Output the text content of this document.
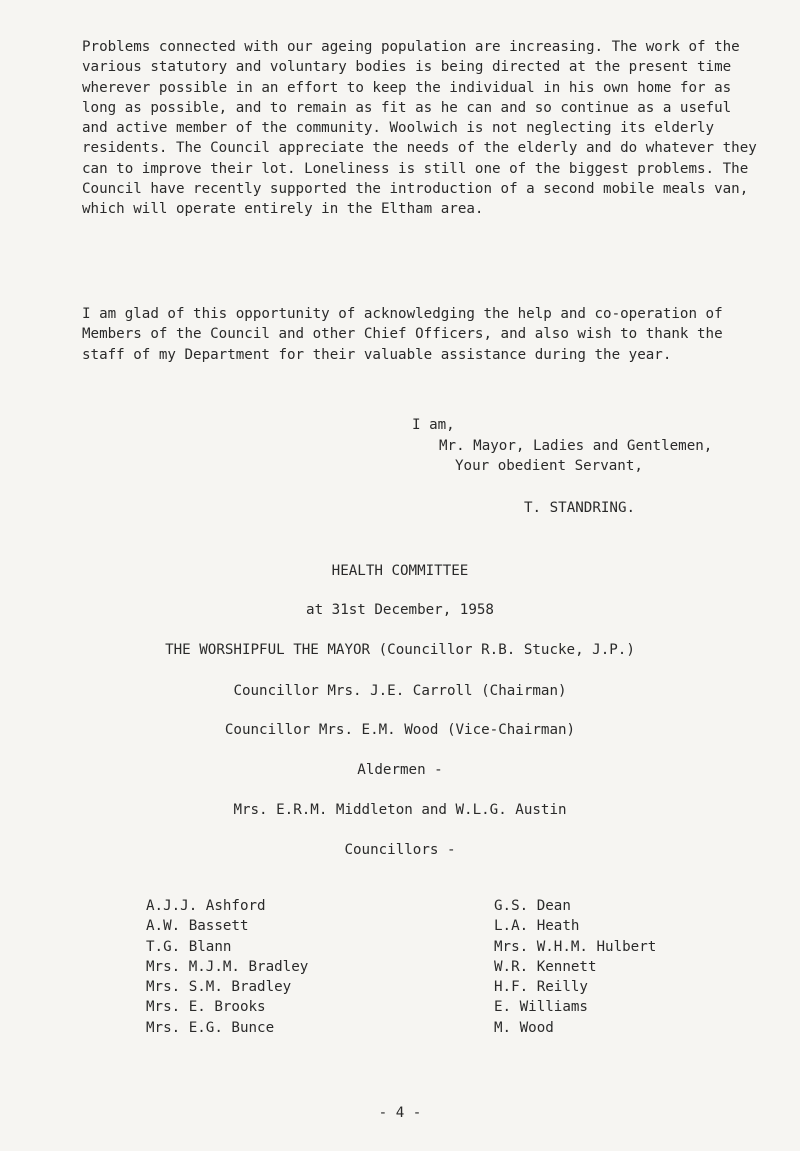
Problems connected with our ageing population are increasing. The work of the various statutory and voluntary bodies is being directed at the present time wherever possible in an effort to keep the individual in his own home for as long as possible, and to remain as fit as he can and so continue as a useful and active member of the community. Woolwich is not neglecting its elderly residents. The Council appreciate the needs of the elderly and do whatever they can to improve their lot. Loneliness is still one of the biggest problems. The Council have recently supported the introduction of a second mobile meals van, which will operate entirely in the Eltham area.

I am glad of this opportunity of acknowledging the help and co-operation of Members of the Council and other Chief Officers, and also wish to thank the staff of my Department for their valuable assistance during the year.

I am,
Mr. Mayor, Ladies and Gentlemen,
Your obedient Servant,
T. STANDRING.
HEALTH COMMITTEE
at 31st December, 1958
THE WORSHIPFUL THE MAYOR (Councillor R.B. Stucke, J.P.)
Councillor Mrs. J.E. Carroll (Chairman)
Councillor Mrs. E.M. Wood (Vice-Chairman)
Aldermen -
Mrs. E.R.M. Middleton and W.L.G. Austin
Councillors -
A.J.J. Ashford
A.W. Bassett
T.G. Blann
Mrs. M.J.M. Bradley
Mrs. S.M. Bradley
Mrs. E. Brooks
Mrs. E.G. Bunce
G.S. Dean
L.A. Heath
Mrs. W.H.M. Hulbert
W.R. Kennett
H.F. Reilly
E. Williams
M. Wood
- 4 -
